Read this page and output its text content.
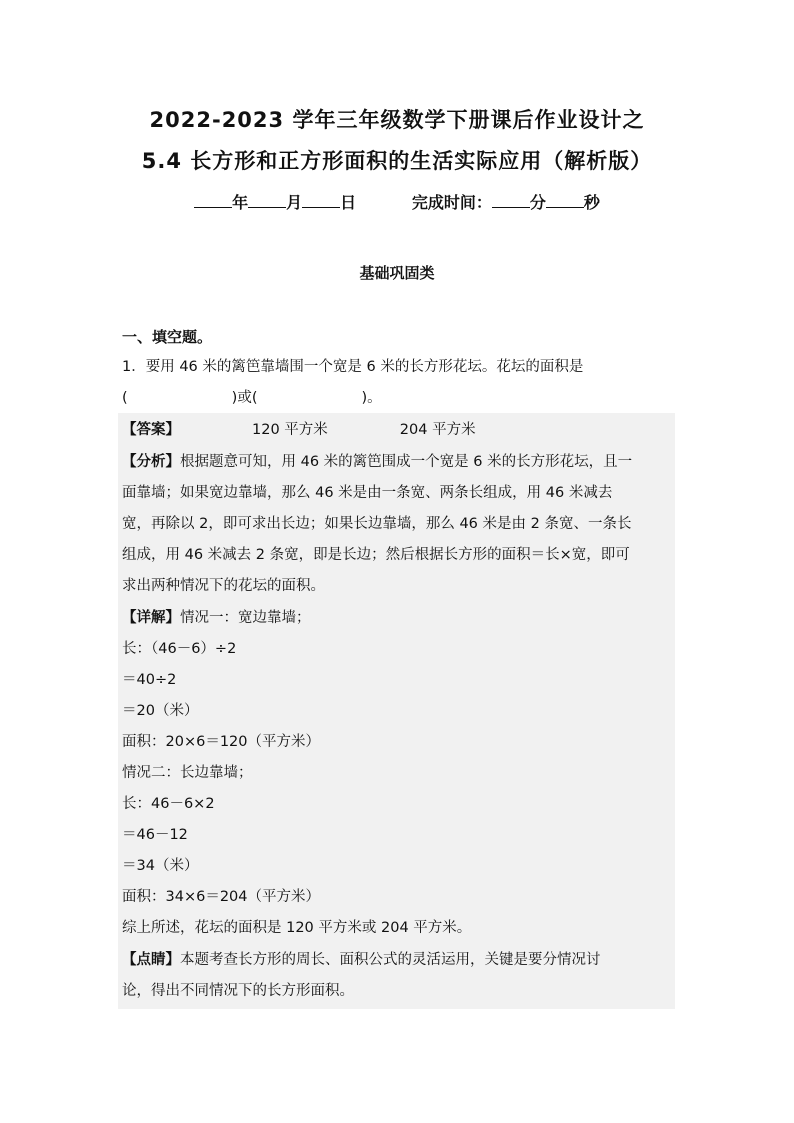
2022-2023 学年三年级数学下册课后作业设计之
5.4 长方形和正方形面积的生活实际应用（解析版）
年 月 日	完成时间： 分 秒
基础巩固类
一、填空题。
1．要用 46 米的篱笆靠墙围一个宽是 6 米的长方形花坛。花坛的面积是
(	)或(	)。
【答案】	120 平方米	204 平方米
【分析】根据题意可知，用 46 米的篱笆围成一个宽是 6 米的长方形花坛，且一
面靠墙；如果宽边靠墙，那么 46 米是由一条宽、两条长组成，用 46 米减去
宽，再除以 2，即可求出长边；如果长边靠墙，那么 46 米是由 2 条宽、一条长
组成，用 46 米减去 2 条宽，即是长边；然后根据长方形的面积＝长×宽，即可
求出两种情况下的花坛的面积。
【详解】情况一：宽边靠墙；
长：（46－6）÷2
＝40÷2
＝20（米）
面积：20×6＝120（平方米）
情况二：长边靠墙；
长：46－6×2
＝46－12
＝34（米）
面积：34×6＝204（平方米）
综上所述，花坛的面积是 120 平方米或 204 平方米。
【点睛】本题考查长方形的周长、面积公式的灵活运用，关键是要分情况讨
论，得出不同情况下的长方形面积。
